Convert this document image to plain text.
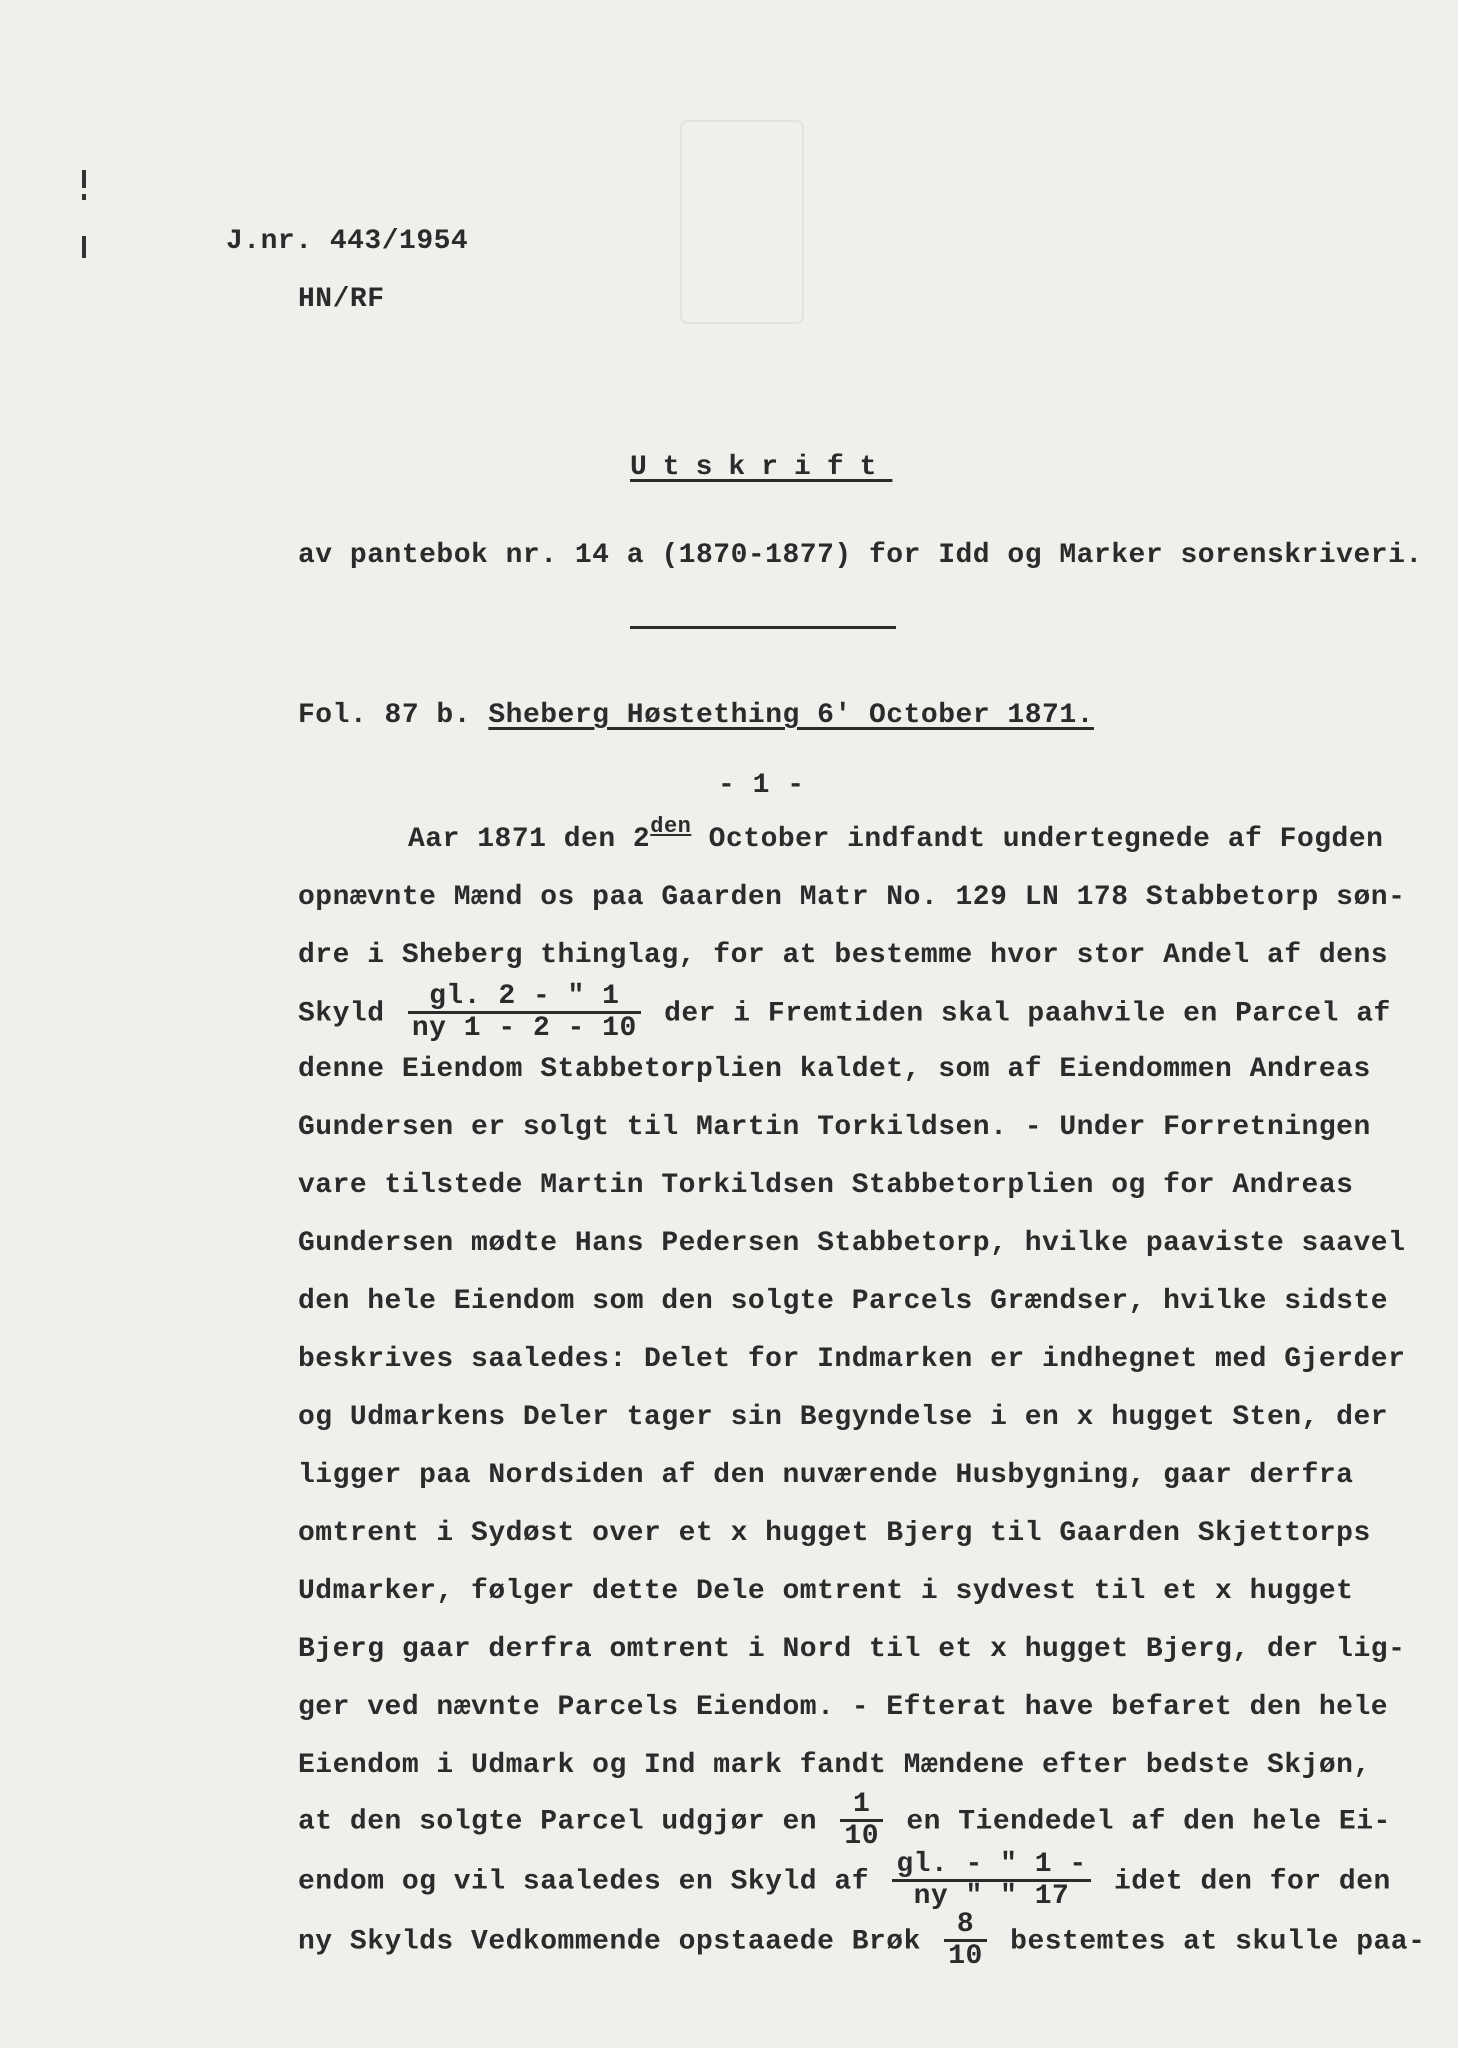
J.nr. 443/1954
HN/RF
Utskrift
av pantebok nr. 14 a (1870-1877) for Idd og Marker sorenskriveri.
Fol. 87 b. Sheberg Høstething 6' October 1871.
- 1 -
Aar 1871 den $2^{den}$ October indfandt undertegnede af Fogden
opnævnte Mænd os paa Gaarden Matr No. 129 LN 178 Stabbetorp søn-
dre i Sheberg thinglag, for at bestemme hvor stor Andel af dens
Skyld $\frac{gl. 2 - " 1}{ny 1 - 2 - 10}$ der i Fremtiden skal paahvile en Parcel af
denne Eiendom Stabbetorplien kaldet, som af Eiendommen Andreas
Gundersen er solgt til Martin Torkildsen. - Under Forretningen
vare tilstede Martin Torkildsen Stabbetorplien og for Andreas
Gundersen mødte Hans Pedersen Stabbetorp, hvilke paaviste saavel
den hele Eiendom som den solgte Parcels Grændser, hvilke sidste
beskrives saaledes: Delet for Indmarken er indhegnet med Gjerder
og Udmarkens Deler tager sin Begyndelse i en x hugget Sten, der
ligger paa Nordsiden af den nuværende Husbygning, gaar derfra
omtrent i Sydøst over et x hugget Bjerg til Gaarden Skjettorps
Udmarker, følger dette Dele omtrent i sydvest til et x hugget
Bjerg gaar derfra omtrent i Nord til et x hugget Bjerg, der lig-
ger ved nævnte Parcels Eiendom. - Efterat have befaret den hele
Eiendom i Udmark og Ind mark fandt Mændene efter bedste Skjøn,
at den solgte Parcel udgjør en $\frac{1}{10}$ en Tiendedel af den hele Ei-
endom og vil saaledes en Skyld af $\frac{gl. - " 1 -}{ny " " 17}$ idet den for den
ny Skylds Vedkommende opstaaede Brøk $\frac{8}{10}$ bestemtes at skulle paa-
